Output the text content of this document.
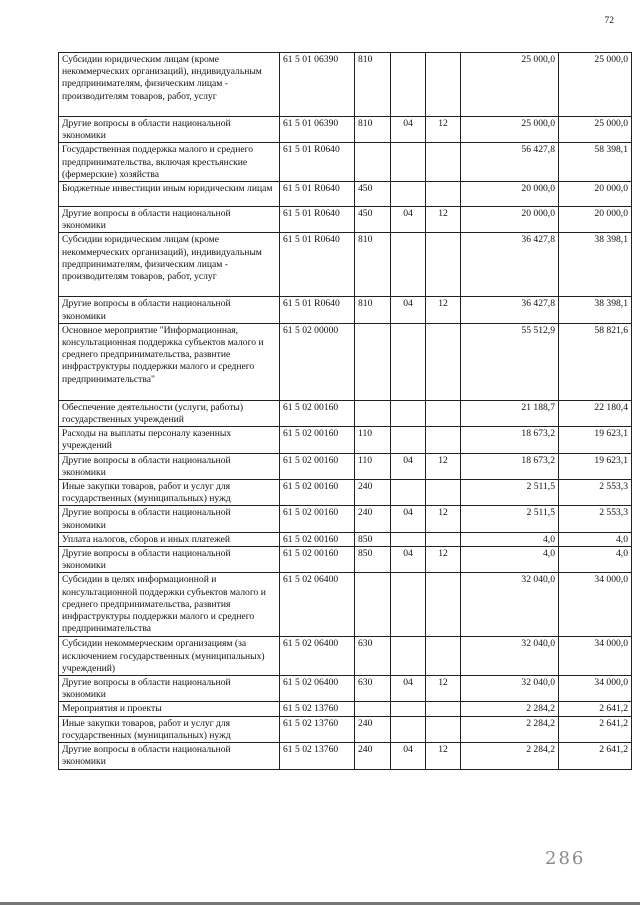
72
Субсидии юридическим лицам (кроме некоммерческих организаций), индивидуальным предпринимателям, физическим лицам - производителям товаров, работ, услуг	61 5 01 06390	810			25 000,0	25 000,0
Другие вопросы в области национальной экономики	61 5 01 06390	810	04	12	25 000,0	25 000,0
Государственная поддержка малого и среднего предпринимательства, включая крестьянские (фермерские) хозяйства	61 5 01 R0640				56 427,8	58 398,1
Бюджетные инвестиции иным юридическим лицам	61 5 01 R0640	450			20 000,0	20 000,0
Другие вопросы в области национальной экономики	61 5 01 R0640	450	04	12	20 000,0	20 000,0
Субсидии юридическим лицам (кроме некоммерческих организаций), индивидуальным предпринимателям, физическим лицам - производителям товаров, работ, услуг	61 5 01 R0640	810			36 427,8	38 398,1
Другие вопросы в области национальной экономики	61 5 01 R0640	810	04	12	36 427,8	38 398,1
Основное мероприятие "Информационная, консультационная поддержка субъектов малого и среднего предпринимательства, развитие инфраструктуры поддержки малого и среднего предпринимательства"	61 5 02 00000				55 512,9	58 821,6
Обеспечение деятельности (услуги, работы) государственных учреждений	61 5 02 00160				21 188,7	22 180,4
Расходы на выплаты персоналу казенных учреждений	61 5 02 00160	110			18 673,2	19 623,1
Другие вопросы в области национальной экономики	61 5 02 00160	110	04	12	18 673,2	19 623,1
Иные закупки товаров, работ и услуг для государственных (муниципальных) нужд	61 5 02 00160	240			2 511,5	2 553,3
Другие вопросы в области национальной экономики	61 5 02 00160	240	04	12	2 511,5	2 553,3
Уплата налогов, сборов и иных платежей	61 5 02 00160	850			4,0	4,0
Другие вопросы в области национальной экономики	61 5 02 00160	850	04	12	4,0	4,0
Субсидии в целях информационной и консультационной поддержки субъектов малого и среднего предпринимательства, развития инфраструктуры поддержки малого и среднего предпринимательства	61 5 02 06400				32 040,0	34 000,0
Субсидии некоммерческим организациям (за исключением государственных (муниципальных) учреждений)	61 5 02 06400	630			32 040,0	34 000,0
Другие вопросы в области национальной экономики	61 5 02 06400	630	04	12	32 040,0	34 000,0
Мероприятия и проекты	61 5 02 13760				2 284,2	2 641,2
Иные закупки товаров, работ и услуг для государственных (муниципальных) нужд	61 5 02 13760	240			2 284,2	2 641,2
Другие вопросы в области национальной экономики	61 5 02 13760	240	04	12	2 284,2	2 641,2
286
